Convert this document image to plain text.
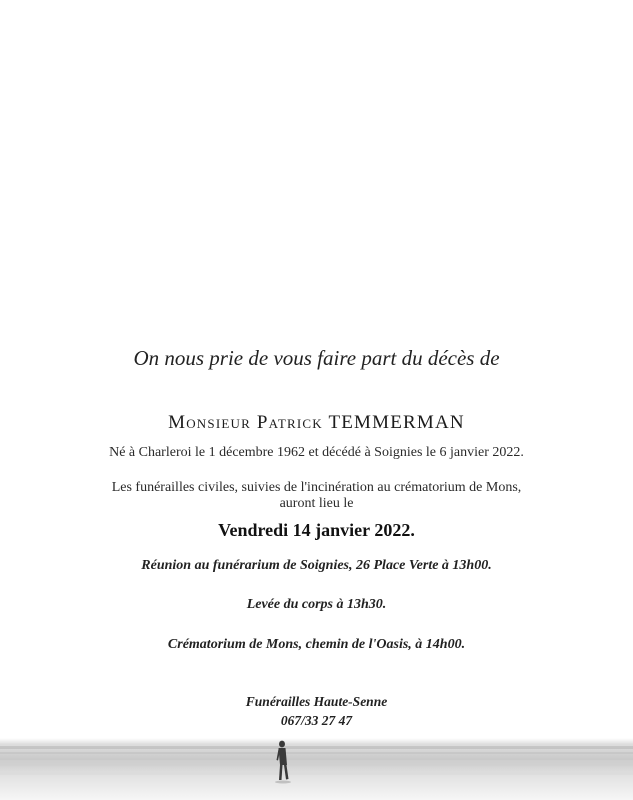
On nous prie de vous faire part du décès de
Monsieur Patrick TEMMERMAN
Né à Charleroi le 1 décembre 1962 et décédé à Soignies le 6 janvier 2022.
Les funérailles civiles, suivies de l'incinération au crématorium de Mons,
auront lieu le
Vendredi 14 janvier 2022.
Réunion au funérarium de Soignies, 26 Place Verte à 13h00.
Levée du corps à 13h30.
Crématorium de Mons, chemin de l'Oasis, à 14h00.
Funérailles Haute-Senne
067/33 27 47
